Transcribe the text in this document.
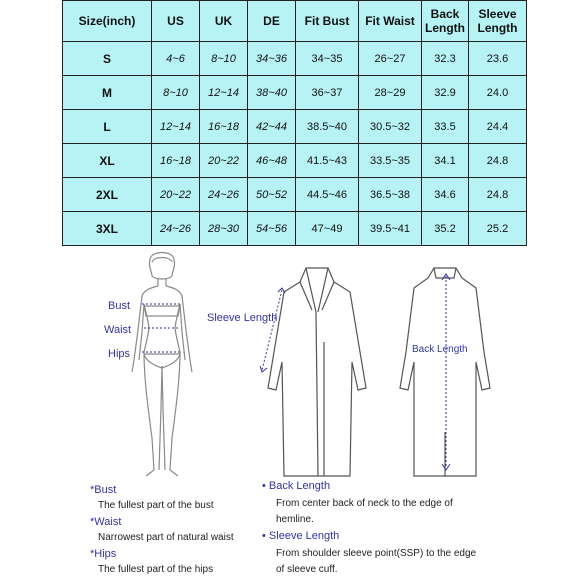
Size(inch)	US	UK	DE	Fit Bust	Fit Waist	Back Length	Sleeve Length
S	4~6	8~10	34~36	34~35	26~27	32.3	23.6
M	8~10	12~14	38~40	36~37	28~29	32.9	24.0
L	12~14	16~18	42~44	38.5~40	30.5~32	33.5	24.4
XL	16~18	20~22	46~48	41.5~43	33.5~35	34.1	24.8
2XL	20~22	24~26	50~52	44.5~46	36.5~38	34.6	24.8
3XL	24~26	28~30	54~56	47~49	39.5~41	35.2	25.2
Bust
Waist
Hips
Sleeve Length
Back Length
*Bust
The fullest part of the bust
*Waist
Narrowest part of natural waist
*Hips
The fullest part of the hips
• Back Length
From center back of neck to the edge of
hemline.
• Sleeve Length
From shoulder sleeve point(SSP) to the edge
of sleeve cuff.
